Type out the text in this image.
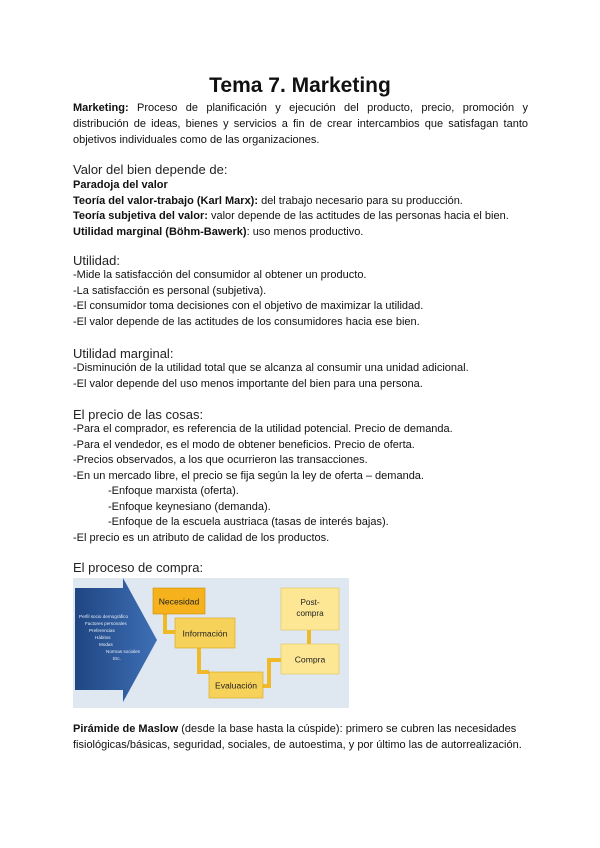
Tema 7. Marketing

Marketing: Proceso de planificación y ejecución del producto, precio, promoción y distribución de ideas, bienes y servicios a fin de crear intercambios que satisfagan tanto objetivos individuales como de las organizaciones.

Valor del bien depende de:

Paradoja del valor
Teoría del valor-trabajo (Karl Marx): del trabajo necesario para su producción.
Teoría subjetiva del valor: valor depende de las actitudes de las personas hacia el bien.
Utilidad marginal (Böhm-Bawerk): uso menos productivo.

Utilidad:

-Mide la satisfacción del consumidor al obtener un producto.
-La satisfacción es personal (subjetiva).
-El consumidor toma decisiones con el objetivo de maximizar la utilidad.
-El valor depende de las actitudes de los consumidores hacia ese bien.

Utilidad marginal:

-Disminución de la utilidad total que se alcanza al consumir una unidad adicional.
-El valor depende del uso menos importante del bien para una persona.

El precio de las cosas:

-Para el comprador, es referencia de la utilidad potencial. Precio de demanda.
-Para el vendedor, es el modo de obtener beneficios. Precio de oferta.
-Precios observados, a los que ocurrieron las transacciones.
-En un mercado libre, el precio se fija según la ley de oferta – demanda.
-Enfoque marxista (oferta).
-Enfoque keynesiano (demanda).
-Enfoque de la escuela austriaca (tasas de interés bajas).
-El precio es un atributo de calidad de los productos.

El proceso de compra:

Perfil socio demográfico
Factores personales
Preferencias
Hábitos
Modas
Normas sociales
Etc.
Necesidad
Información
Evaluación
Post-
compra
Compra

Pirámide de Maslow (desde la base hasta la cúspide): primero se cubren las necesidades fisiológicas/básicas, seguridad, sociales, de autoestima, y por último las de autorrealización.
